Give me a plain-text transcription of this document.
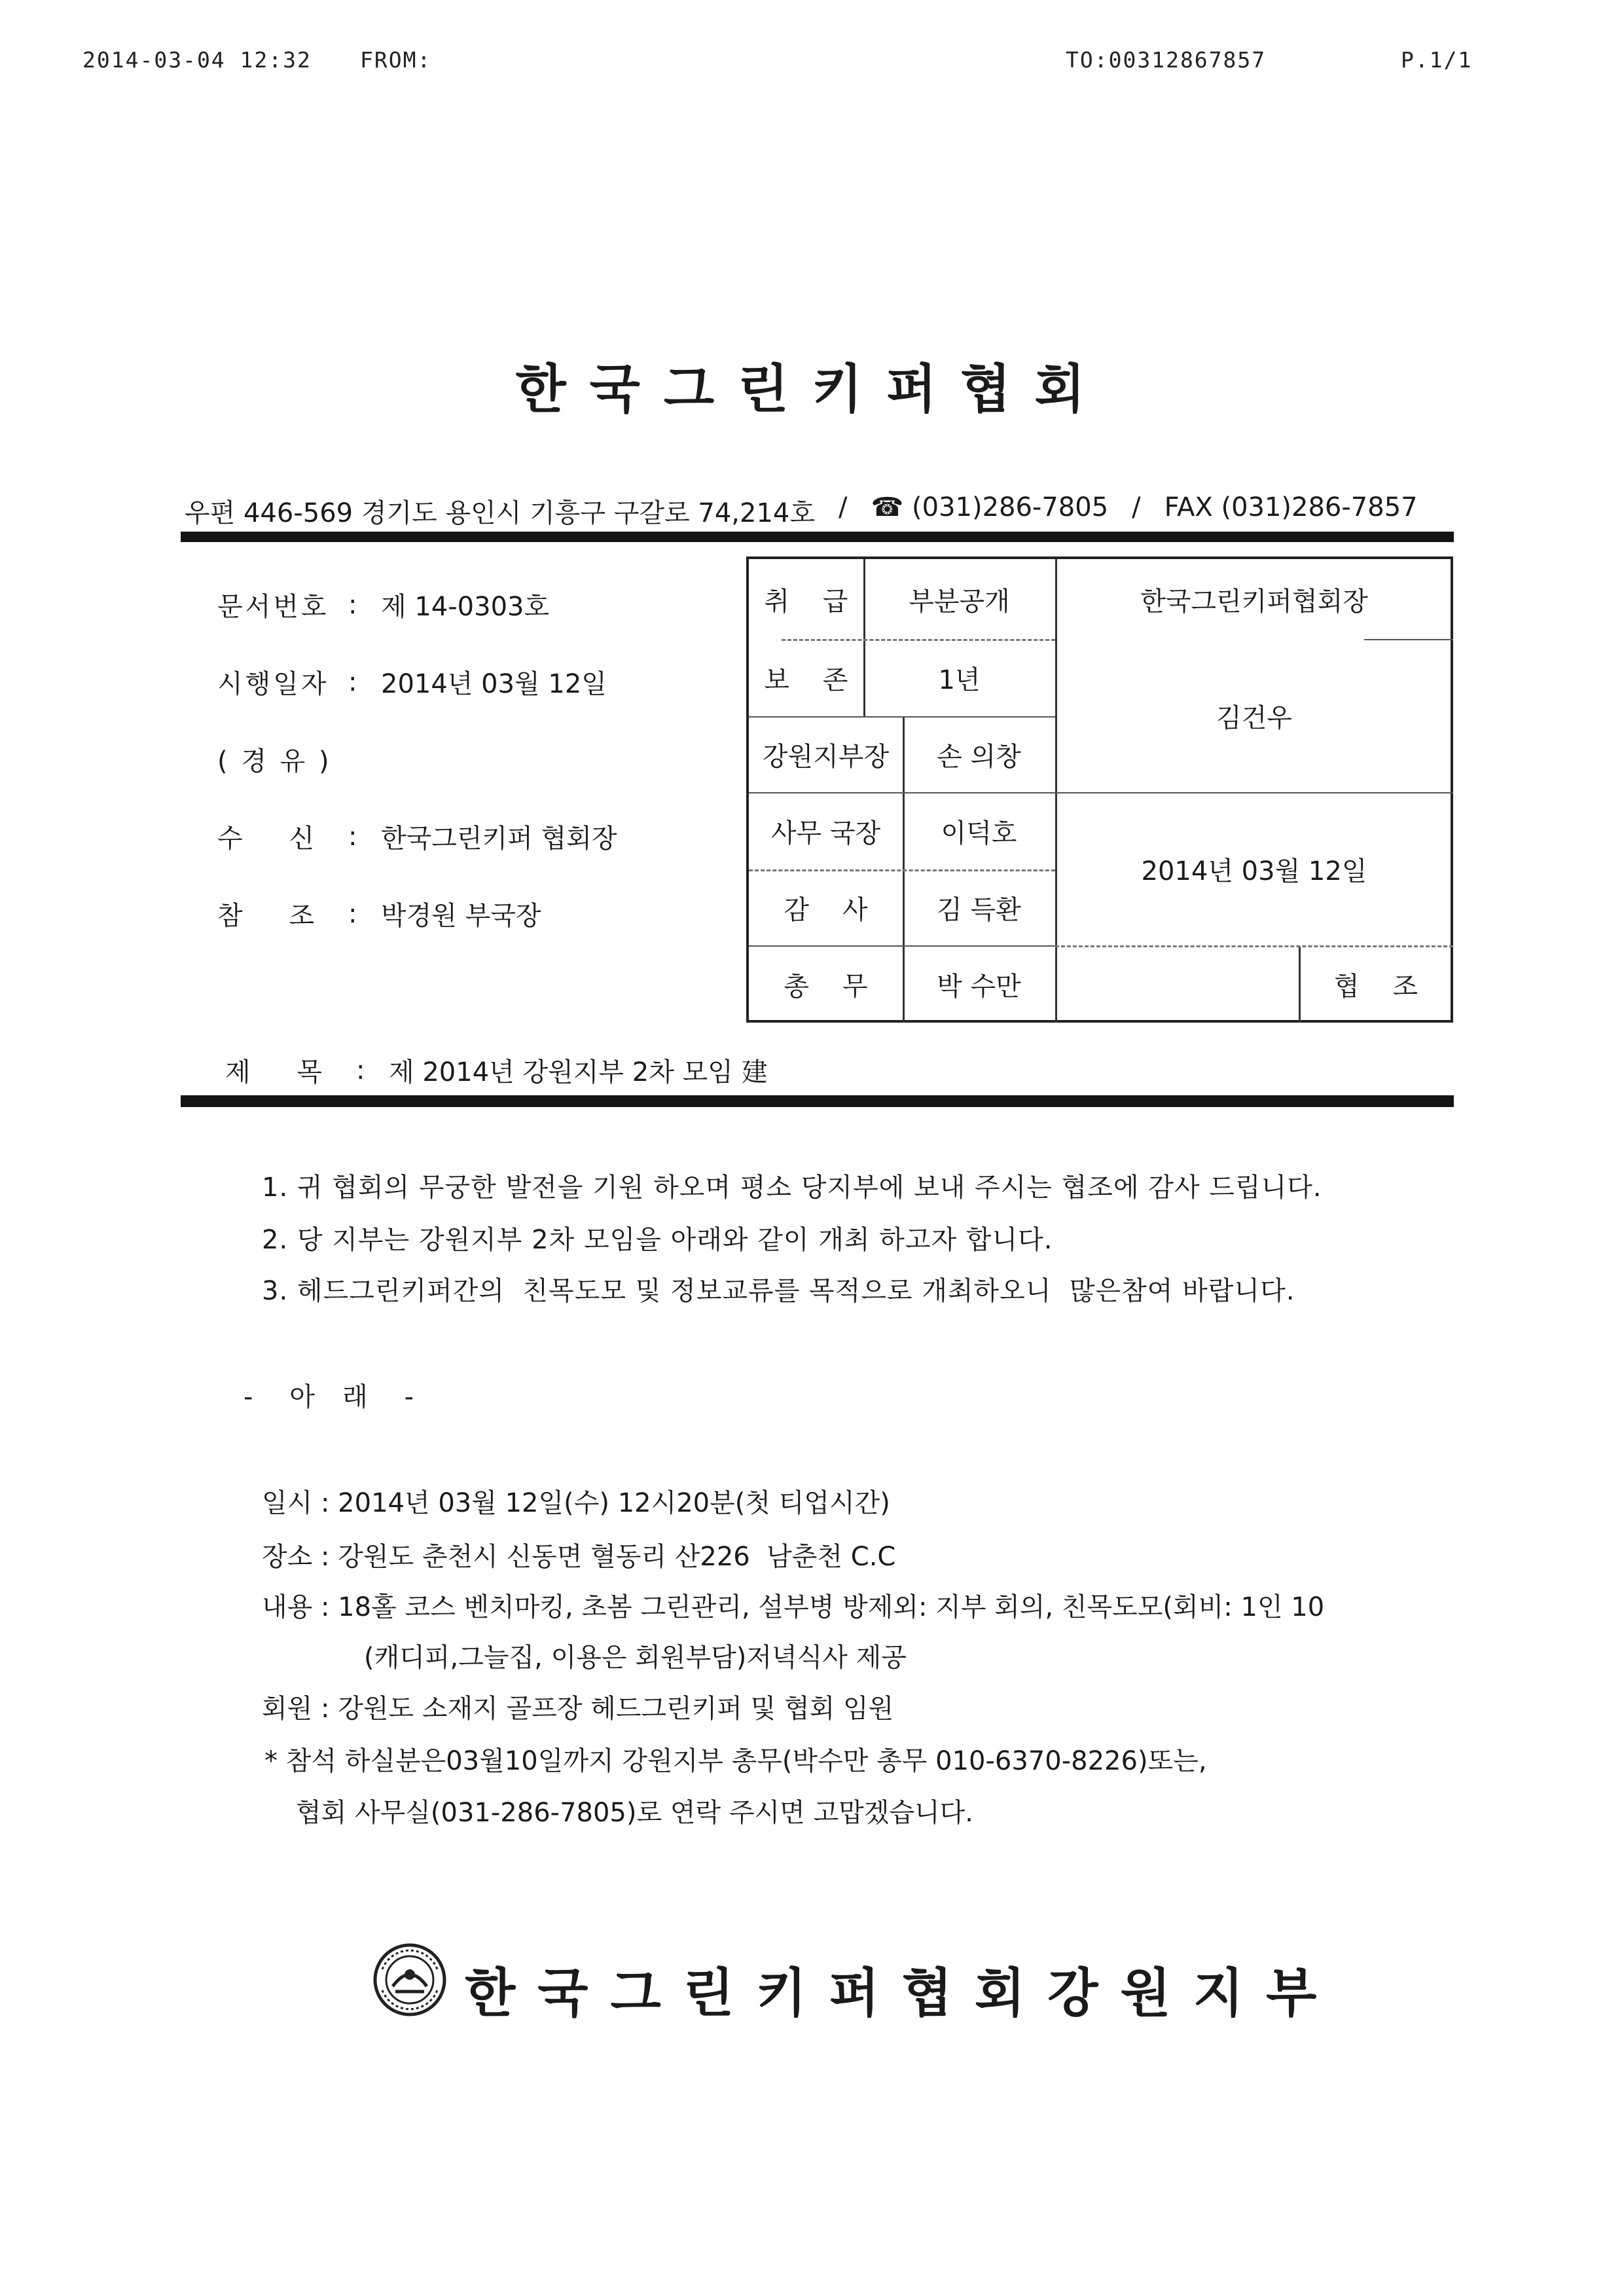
2014-03-04 12:32 FROM:	TO:00312867857	P.1/1
한국그린키퍼협회
우편 446-569 경기도 용인시 기흥구 구갈로 74,214호 / ☎ (031)286-7805 / FAX (031)286-7857
문서번호 : 제 14-0303호
시행일자 : 2014년 03월 12일
( 경 유 )
수    신	: 한국그린키퍼 협회장
참    조	: 박경원 부국장
취    급	부분공개
보    존	1년
강원지부장	손 의창
사무 국장	이덕호
감    사	김 득환
총    무	박 수만
한국그린키퍼협회장
김건우
2014년 03월 12일
협    조
제    목	: 제 2014년 강원지부 2차 모임 建
1. 귀 협회의 무궁한 발전을 기원 하오며 평소 당지부에 보내 주시는 협조에 감사 드립니다.
2. 당 지부는 강원지부 2차 모임을 아래와 같이 개최 하고자 합니다.
3. 헤드그린키퍼간의  친목도모 및 정보교류를 목적으로 개최하오니  많은참여 바랍니다.
-    아   래    -
일시 : 2014년 03월 12일(수) 12시20분(첫 티업시간)
장소 : 강원도 춘천시 신동면 혈동리 산226  남춘천 C.C
내용 : 18홀 코스 벤치마킹, 초봄 그린관리, 설부병 방제외: 지부 회의, 친목도모(회비: 1인 10
(캐디피,그늘집, 이용은 회원부담)저녁식사 제공
회원 : 강원도 소재지 골프장 헤드그린키퍼 및 협회 임원
* 참석 하실분은03월10일까지 강원지부 총무(박수만 총무 010-6370-8226)또는,
협회 사무실(031-286-7805)로 연락 주시면 고맙겠습니다.
한국그린키퍼협회강원지부
